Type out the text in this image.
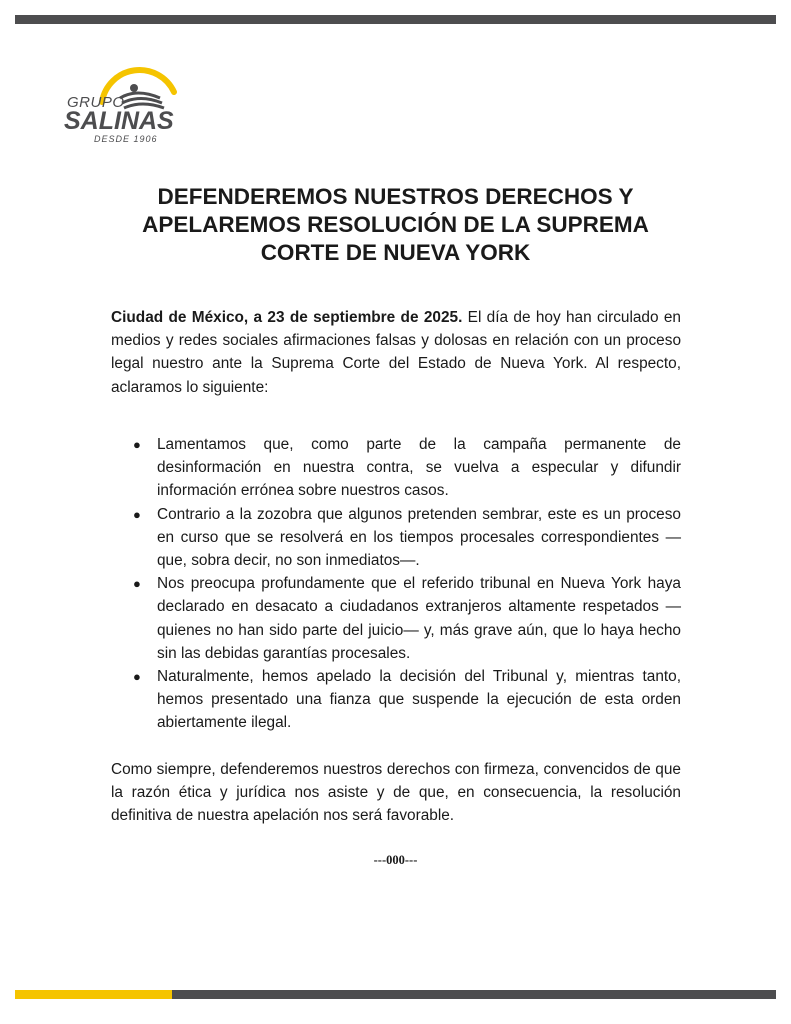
GRUPO
SALINAS
DESDE 1906
DEFENDEREMOS NUESTROS DERECHOS Y
APELAREMOS RESOLUCIÓN DE LA SUPREMA
CORTE DE NUEVA YORK
Ciudad de México, a 23 de septiembre de 2025. El día de hoy han circulado en medios y redes sociales afirmaciones falsas y dolosas en relación con un proceso legal nuestro ante la Suprema Corte del Estado de Nueva York. Al respecto, aclaramos lo siguiente:
● Lamentamos que, como parte de la campaña permanente de desinformación en nuestra contra, se vuelva a especular y difundir información errónea sobre nuestros casos.
● Contrario a la zozobra que algunos pretenden sembrar, este es un proceso en curso que se resolverá en los tiempos procesales correspondientes —que, sobra decir, no son inmediatos—.
● Nos preocupa profundamente que el referido tribunal en Nueva York haya declarado en desacato a ciudadanos extranjeros altamente respetados —quienes no han sido parte del juicio— y, más grave aún, que lo haya hecho sin las debidas garantías procesales.
● Naturalmente, hemos apelado la decisión del Tribunal y, mientras tanto, hemos presentado una fianza que suspende la ejecución de esta orden abiertamente ilegal.
Como siempre, defenderemos nuestros derechos con firmeza, convencidos de que la razón ética y jurídica nos asiste y de que, en consecuencia, la resolución definitiva de nuestra apelación nos será favorable.
---000---
